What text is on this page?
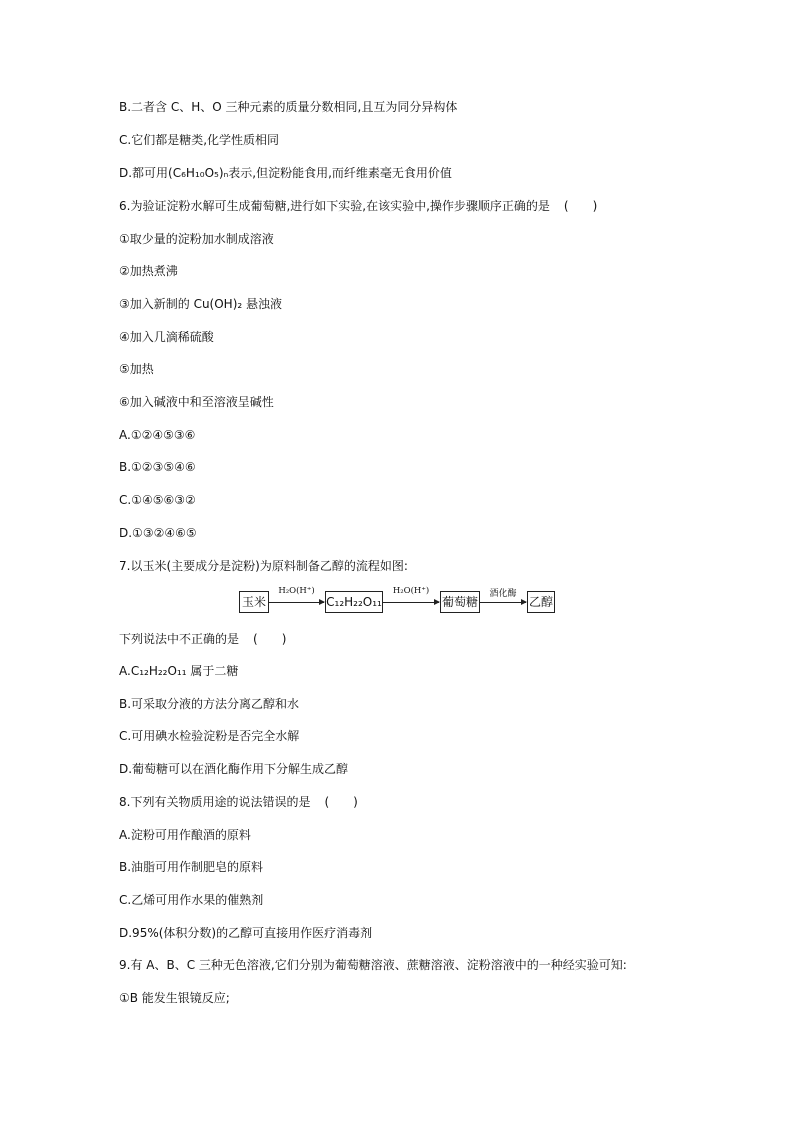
B.二者含 C、H、O 三种元素的质量分数相同,且互为同分异构体
C.它们都是糖类,化学性质相同
D.都可用(C₆H₁₀O₅)ₙ表示,但淀粉能食用,而纤维素毫无食用价值
6.为验证淀粉水解可生成葡萄糖,进行如下实验,在该实验中,操作步骤顺序正确的是 (　　)
①取少量的淀粉加水制成溶液
②加热煮沸
③加入新制的 Cu(OH)₂ 悬浊液
④加入几滴稀硫酸
⑤加热
⑥加入碱液中和至溶液呈碱性
A.①②④⑤③⑥
B.①②③⑤④⑥
C.①④⑤⑥③②
D.①③②④⑥⑤
7.以玉米(主要成分是淀粉)为原料制备乙醇的流程如图:
玉米
H₂O(H⁺)
C₁₂H₂₂O₁₁
H₂O(H⁺)
葡萄糖
酒化酶
乙醇
下列说法中不正确的是 (　　)
A.C₁₂H₂₂O₁₁ 属于二糖
B.可采取分液的方法分离乙醇和水
C.可用碘水检验淀粉是否完全水解
D.葡萄糖可以在酒化酶作用下分解生成乙醇
8.下列有关物质用途的说法错误的是 (　　)
A.淀粉可用作酿酒的原料
B.油脂可用作制肥皂的原料
C.乙烯可用作水果的催熟剂
D.95%(体积分数)的乙醇可直接用作医疗消毒剂
9.有 A、B、C 三种无色溶液,它们分别为葡萄糖溶液、蔗糖溶液、淀粉溶液中的一种经实验可知:
①B 能发生银镜反应;
